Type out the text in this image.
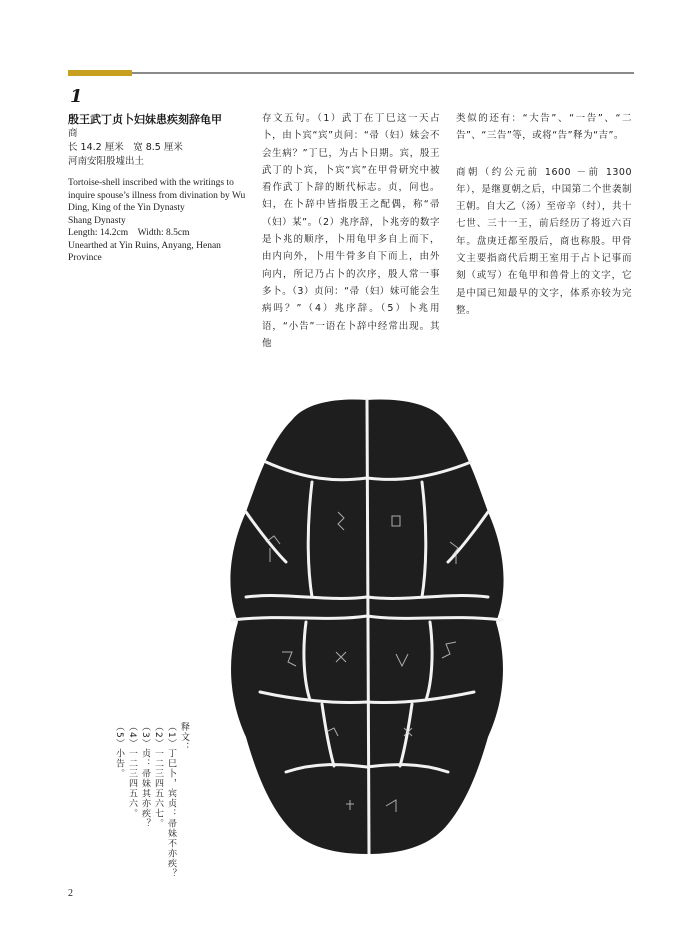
1
殷王武丁贞卜妇妹患疾刻辞龟甲
商
长 14.2 厘米　宽 8.5 厘米
河南安阳殷墟出土
Tortoise-shell inscribed with the writings to inquire spouse’s illness from divination by Wu Ding, King of the Yin Dynasty
Shang Dynasty
Length: 14.2cm　Width: 8.5cm
Unearthed at Yin Ruins, Anyang, Henan Province
存文五句。（1）武丁在丁巳这一天占卜，由卜宾“宾”贞问：“帚（妇）妹会不会生病？”丁巳，为占卜日期。宾，殷王武丁的卜宾，卜宾“宾”在甲骨研究中被看作武丁卜辞的断代标志。贞，问也。妇，在卜辞中皆指殷王之配偶，称“帚（妇）某”。（2）兆序辞，卜兆旁的数字是卜兆的顺序，卜用龟甲多自上而下，由内向外，卜用牛骨多自下而上，由外向内，所记乃占卜的次序，殷人常一事多卜。（3）贞问：“帚（妇）妹可能会生病吗？”（4）兆序辞。（5）卜兆用语，“小告”一语在卜辞中经常出现。其他

类似的还有：“大告”、“一告”、“二告”、“三告”等，或将“告”释为“吉”。

商朝（约公元前 1600 －前 1300 年），是继夏朝之后，中国第二个世袭制王朝。自大乙（汤）至帝辛（纣），共十七世、三十一王，前后经历了将近六百年。盘庚迁都至殷后，商也称殷。甲骨文主要指商代后期王室用于占卜记事而刻（或写）在龟甲和兽骨上的文字，它是中国已知最早的文字，体系亦较为完整。

释文：
（1）丁巳卜，宾贞：帚妹不亦疾？
（2）一二三四五六七。
（3）贞：帚妹其亦疾？
（4）一二三四五六。
（5）小告。
2
